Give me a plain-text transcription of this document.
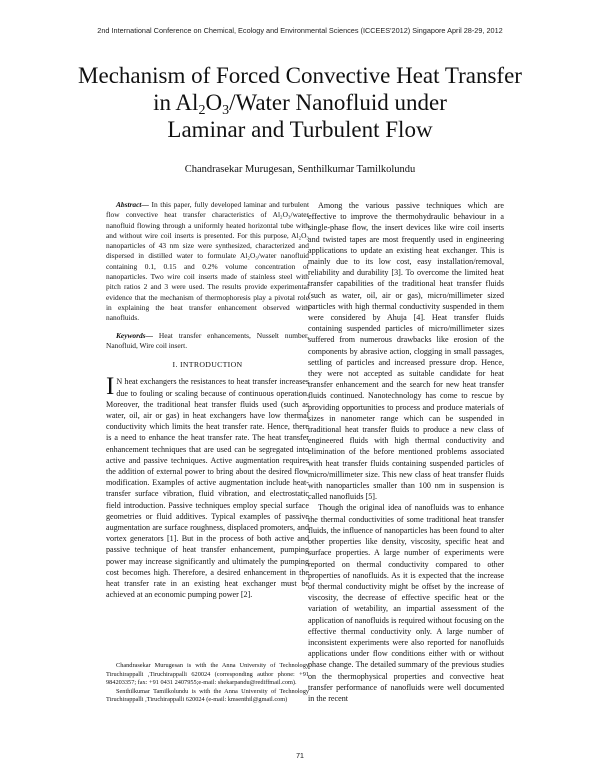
2nd International Conference on Chemical, Ecology and Environmental Sciences (ICCEES'2012) Singapore April 28-29, 2012
Mechanism of Forced Convective Heat Transfer
in $Al_2O_3$/Water Nanofluid under
Laminar and Turbulent Flow
Chandrasekar Murugesan, Senthilkumar Tamilkolundu

Abstract— In this paper, fully developed laminar and turbulent flow convective heat transfer characteristics of Al₂O₃/water nanofluid flowing through a uniformly heated horizontal tube with and without wire coil inserts is presented. For this purpose, Al₂O₃ nanoparticles of 43 nm size were synthesized, characterized and dispersed in distilled water to formulate Al₂O₃/water nanofluid containing 0.1, 0.15 and 0.2% volume concentration of nanoparticles. Two wire coil inserts made of stainless steel with pitch ratios 2 and 3 were used. The results provide experimental evidence that the mechanism of thermophoresis play a pivotal role in explaining the heat transfer enhancement observed with nanofluids.

Keywords— Heat transfer enhancements, Nusselt number, Nanofluid, Wire coil insert.
I. INTRODUCTION

I N heat exchangers the resistances to heat transfer increases due to fouling or scaling because of continuous operation. Moreover, the traditional heat transfer fluids used (such as water, oil, air or gas) in heat exchangers have low thermal conductivity which limits the heat transfer rate. Hence, there is a need to enhance the heat transfer rate. The heat transfer enhancement techniques that are used can be segregated into active and passive techniques. Active augmentation requires the addition of external power to bring about the desired flow modification. Examples of active augmentation include heat-transfer surface vibration, fluid vibration, and electrostatic field introduction. Passive techniques employ special surface geometries or fluid additives. Typical examples of passive augmentation are surface roughness, displaced promoters, and vortex generators [1]. But in the process of both active and passive technique of heat transfer enhancement, pumping power may increase significantly and ultimately the pumping cost becomes high. Therefore, a desired enhancement in the heat transfer rate in an existing heat exchanger must be achieved at an economic pumping power [2].

Chandrasekar Murugesan is with the Anna University of Technology Tiruchirappalli ,Tiruchirappalli 620024 (corresponding author phone: +91 984203357; fax: +91 0431 2407955;e-mail: shekarpandu@rediffmail.com).

Senthilkumar Tamilkolundu is with the Anna University of Technology Tiruchirappalli ,Tiruchirappalli 620024 (e-mail: kmsenthil@gmail.com)

Among the various passive techniques which are effective to improve the thermohydraulic behaviour in a single-phase flow, the insert devices like wire coil inserts and twisted tapes are most frequently used in engineering applications to update an existing heat exchanger. This is mainly due to its low cost, easy installation/removal, reliability and durability [3]. To overcome the limited heat transfer capabilities of the traditional heat transfer fluids (such as water, oil, air or gas), micro/millimeter sized particles with high thermal conductivity suspended in them were considered by Ahuja [4]. Heat transfer fluids containing suspended particles of micro/millimeter sizes suffered from numerous drawbacks like erosion of the components by abrasive action, clogging in small passages, settling of particles and increased pressure drop. Hence, they were not accepted as suitable candidate for heat transfer enhancement and the search for new heat transfer fluids continued. Nanotechnology has come to rescue by providing opportunities to process and produce materials of sizes in nanometer range which can be suspended in traditional heat transfer fluids to produce a new class of engineered fluids with high thermal conductivity and elimination of the before mentioned problems associated with heat transfer fluids containing suspended particles of micro/millimeter size. This new class of heat transfer fluids with nanoparticles smaller than 100 nm in suspension is called nanofluids [5].

Though the original idea of nanofluids was to enhance the thermal conductivities of some traditional heat transfer fluids, the influence of nanoparticles has been found to alter other properties like density, viscosity, specific heat and surface properties. A large number of experiments were reported on thermal conductivity compared to other properties of nanofluids. As it is expected that the increase of thermal conductivity might be offset by the increase of viscosity, the decrease of effective specific heat or the variation of wetability, an impartial assessment of the application of nanofluids is required without focusing on the effective thermal conductivity only. A large number of inconsistent experiments were also reported for nanofluids applications under flow conditions either with or without phase change. The detailed summary of the previous studies on the thermophysical properties and convective heat transfer performance of nanofluids were well documented in the recent

71
